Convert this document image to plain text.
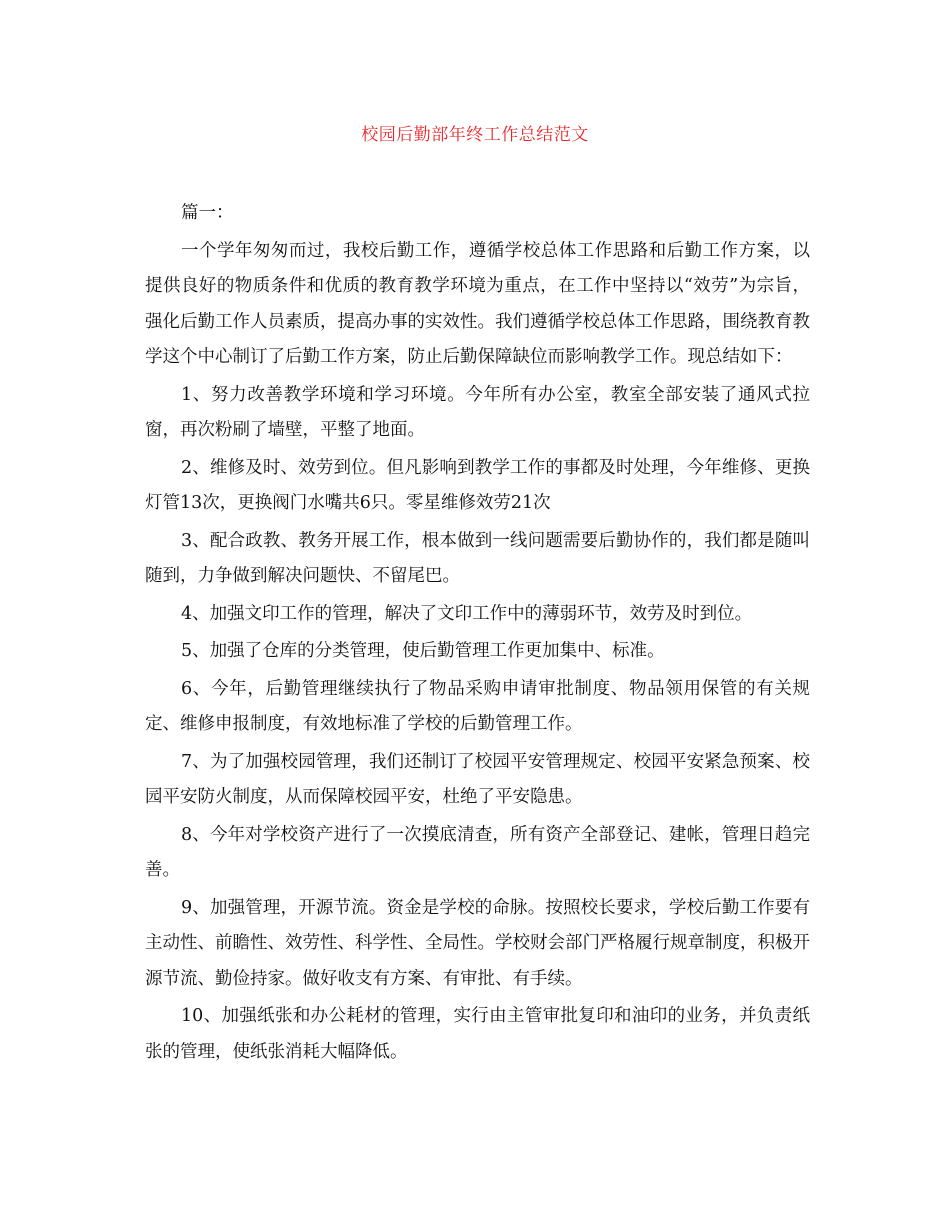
校园后勤部年终工作总结范文

篇一：

一个学年匆匆而过，我校后勤工作，遵循学校总体工作思路和后勤工作方案，以提供良好的物质条件和优质的教育教学环境为重点，在工作中坚持以“效劳”为宗旨，强化后勤工作人员素质，提高办事的实效性。我们遵循学校总体工作思路，围绕教育教学这个中心制订了后勤工作方案，防止后勤保障缺位而影响教学工作。现总结如下：

1、努力改善教学环境和学习环境。今年所有办公室，教室全部安装了通风式拉窗，再次粉刷了墙壁，平整了地面。

2、维修及时、效劳到位。但凡影响到教学工作的事都及时处理，今年维修、更换灯管13次，更换阀门水嘴共6只。零星维修效劳21次

3、配合政教、教务开展工作，根本做到一线问题需要后勤协作的，我们都是随叫随到，力争做到解决问题快、不留尾巴。

4、加强文印工作的管理，解决了文印工作中的薄弱环节，效劳及时到位。

5、加强了仓库的分类管理，使后勤管理工作更加集中、标准。

6、今年，后勤管理继续执行了物品采购申请审批制度、物品领用保管的有关规定、维修申报制度，有效地标准了学校的后勤管理工作。

7、为了加强校园管理，我们还制订了校园平安管理规定、校园平安紧急预案、校园平安防火制度，从而保障校园平安，杜绝了平安隐患。

8、今年对学校资产进行了一次摸底清查，所有资产全部登记、建帐，管理日趋完善。

9、加强管理，开源节流。资金是学校的命脉。按照校长要求，学校后勤工作要有主动性、前瞻性、效劳性、科学性、全局性。学校财会部门严格履行规章制度，积极开源节流、勤俭持家。做好收支有方案、有审批、有手续。

10、加强纸张和办公耗材的管理，实行由主管审批复印和油印的业务，并负责纸张的管理，使纸张消耗大幅降低。
